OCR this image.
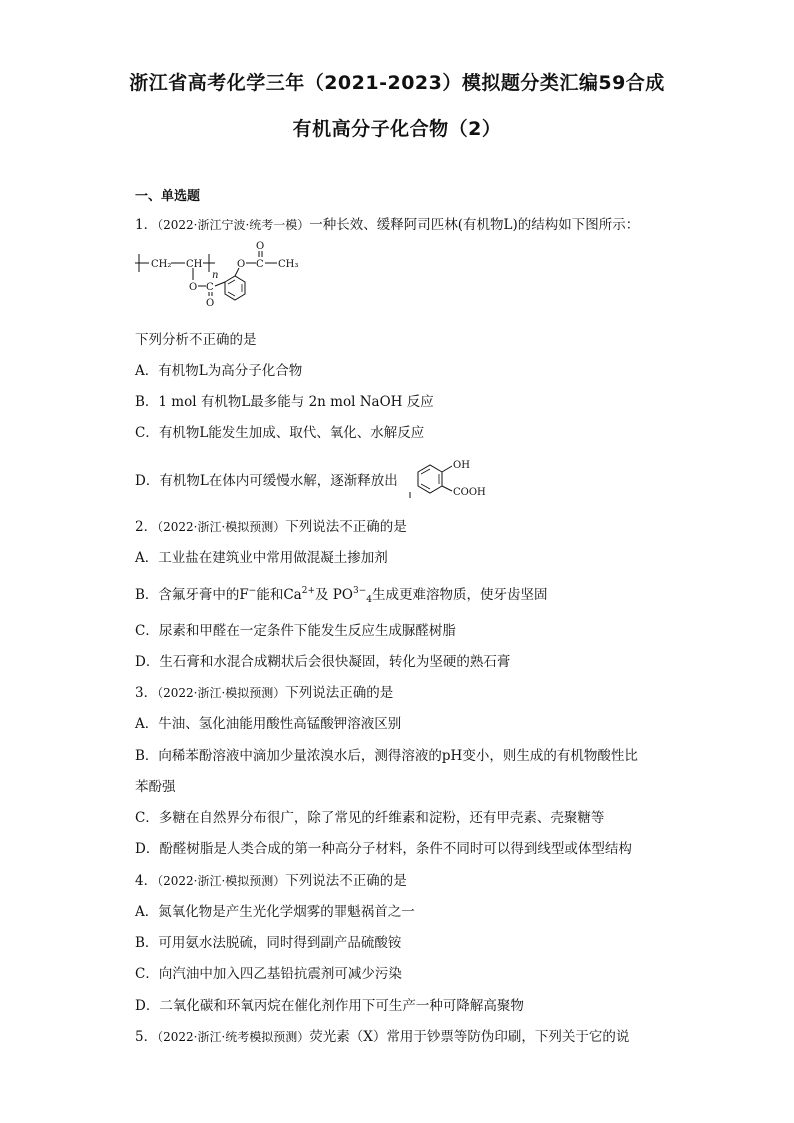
浙江省高考化学三年（2021-2023）模拟题分类汇编59合成
有机高分子化合物（2）
一、单选题
1．（2022·浙江宁波·统考一模）一种长效、缓释阿司匹林(有机物L)的结构如下图所示：
CH₂ CH
n
O C
O
O C
O
CH₃
下列分析不正确的是
A．有机物L为高分子化合物
B．1 mol 有机物L最多能与 2n mol NaOH 反应
C．有机物L能发生加成、取代、氧化、水解反应
D．有机物L在体内可缓慢水解，逐渐释放出
OH
COOH
2．（2022·浙江·模拟预测）下列说法不正确的是
A．工业盐在建筑业中常用做混凝土掺加剂
B．含氟牙膏中的F−能和$Ca^{2+}$及 $PO^{3-}_4$生成更难溶物质，使牙齿坚固
C．尿素和甲醛在一定条件下能发生反应生成脲醛树脂
D．生石膏和水混合成糊状后会很快凝固，转化为坚硬的熟石膏
3．（2022·浙江·模拟预测）下列说法正确的是
A．牛油、氢化油能用酸性高锰酸钾溶液区别
B．向稀苯酚溶液中滴加少量浓溴水后，测得溶液的pH变小，则生成的有机物酸性比
苯酚强
C．多糖在自然界分布很广，除了常见的纤维素和淀粉，还有甲壳素、壳聚糖等
D．酚醛树脂是人类合成的第一种高分子材料，条件不同时可以得到线型或体型结构
4．（2022·浙江·模拟预测）下列说法不正确的是
A．氮氧化物是产生光化学烟雾的罪魁祸首之一
B．可用氨水法脱硫，同时得到副产品硫酸铵
C．向汽油中加入四乙基铅抗震剂可减少污染
D．二氧化碳和环氧丙烷在催化剂作用下可生产一种可降解高聚物
5．（2022·浙江·统考模拟预测）荧光素（X）常用于钞票等防伪印刷，下列关于它的说
